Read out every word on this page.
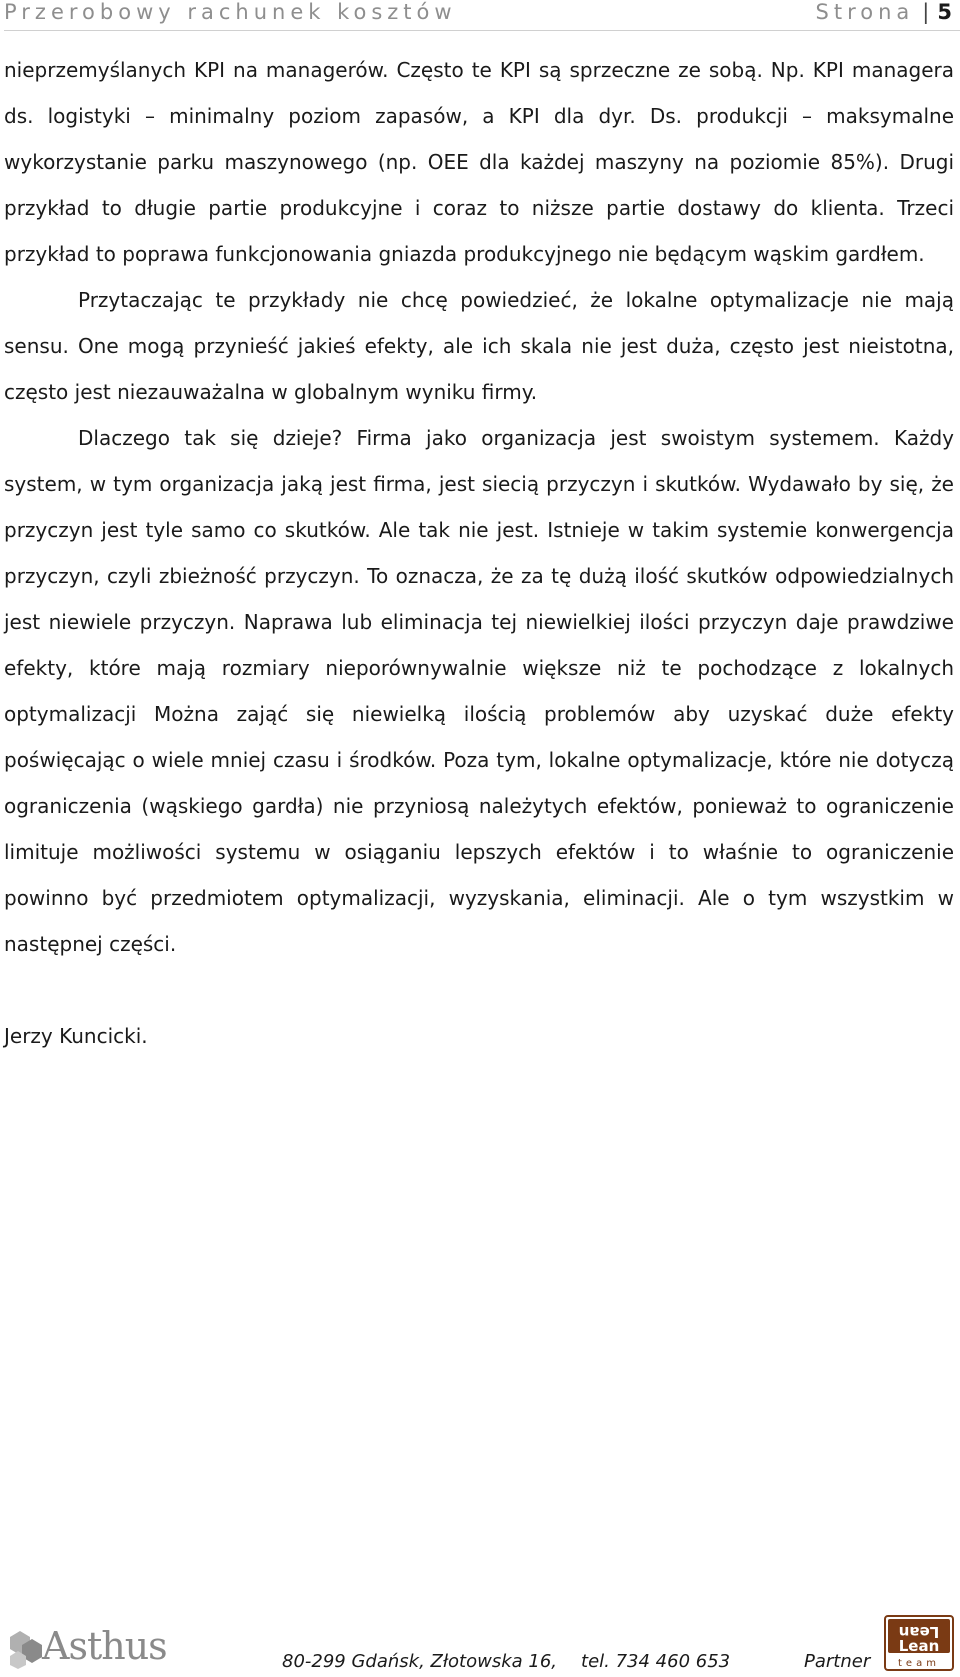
Przerobowy rachunek kosztów	Strona | 5

nieprzemyślanych KPI na managerów. Często te KPI są sprzeczne ze sobą. Np. KPI managera ds. logistyki – minimalny poziom zapasów, a KPI dla dyr. Ds. produkcji – maksymalne wykorzystanie parku maszynowego (np. OEE dla każdej maszyny na poziomie 85%). Drugi przykład to długie partie produkcyjne i coraz to niższe partie dostawy do klienta. Trzeci przykład to poprawa funkcjonowania gniazda produkcyjnego nie będącym wąskim gardłem.

Przytaczając te przykłady nie chcę powiedzieć, że lokalne optymalizacje nie mają sensu. One mogą przynieść jakieś efekty, ale ich skala nie jest duża, często jest nieistotna, często jest niezauważalna w globalnym wyniku firmy.

Dlaczego tak się dzieje? Firma jako organizacja jest swoistym systemem. Każdy system, w tym organizacja jaką jest firma, jest siecią przyczyn i skutków. Wydawało by się, że przyczyn jest tyle samo co skutków. Ale tak nie jest. Istnieje w takim systemie konwergencja przyczyn, czyli zbieżność przyczyn. To oznacza, że za tę dużą ilość skutków odpowiedzialnych jest niewiele przyczyn. Naprawa lub eliminacja tej niewielkiej ilości przyczyn daje prawdziwe efekty, które mają rozmiary nieporównywalnie większe niż te pochodzące z lokalnych optymalizacji Można zająć się niewielką ilością problemów aby uzyskać duże efekty poświęcając o wiele mniej czasu i środków. Poza tym, lokalne optymalizacje, które nie dotyczą ograniczenia (wąskiego gardła) nie przyniosą należytych efektów, ponieważ to ograniczenie limituje możliwości systemu w osiąganiu lepszych efektów i to właśnie to ograniczenie powinno być przedmiotem optymalizacji, wyzyskania, eliminacji. Ale o tym wszystkim w następnej części.

Jerzy Kuncicki.

Asthus	80-299 Gdańsk, Złotowska 16, tel. 734 460 653	Partner
Lean
Lean
team
